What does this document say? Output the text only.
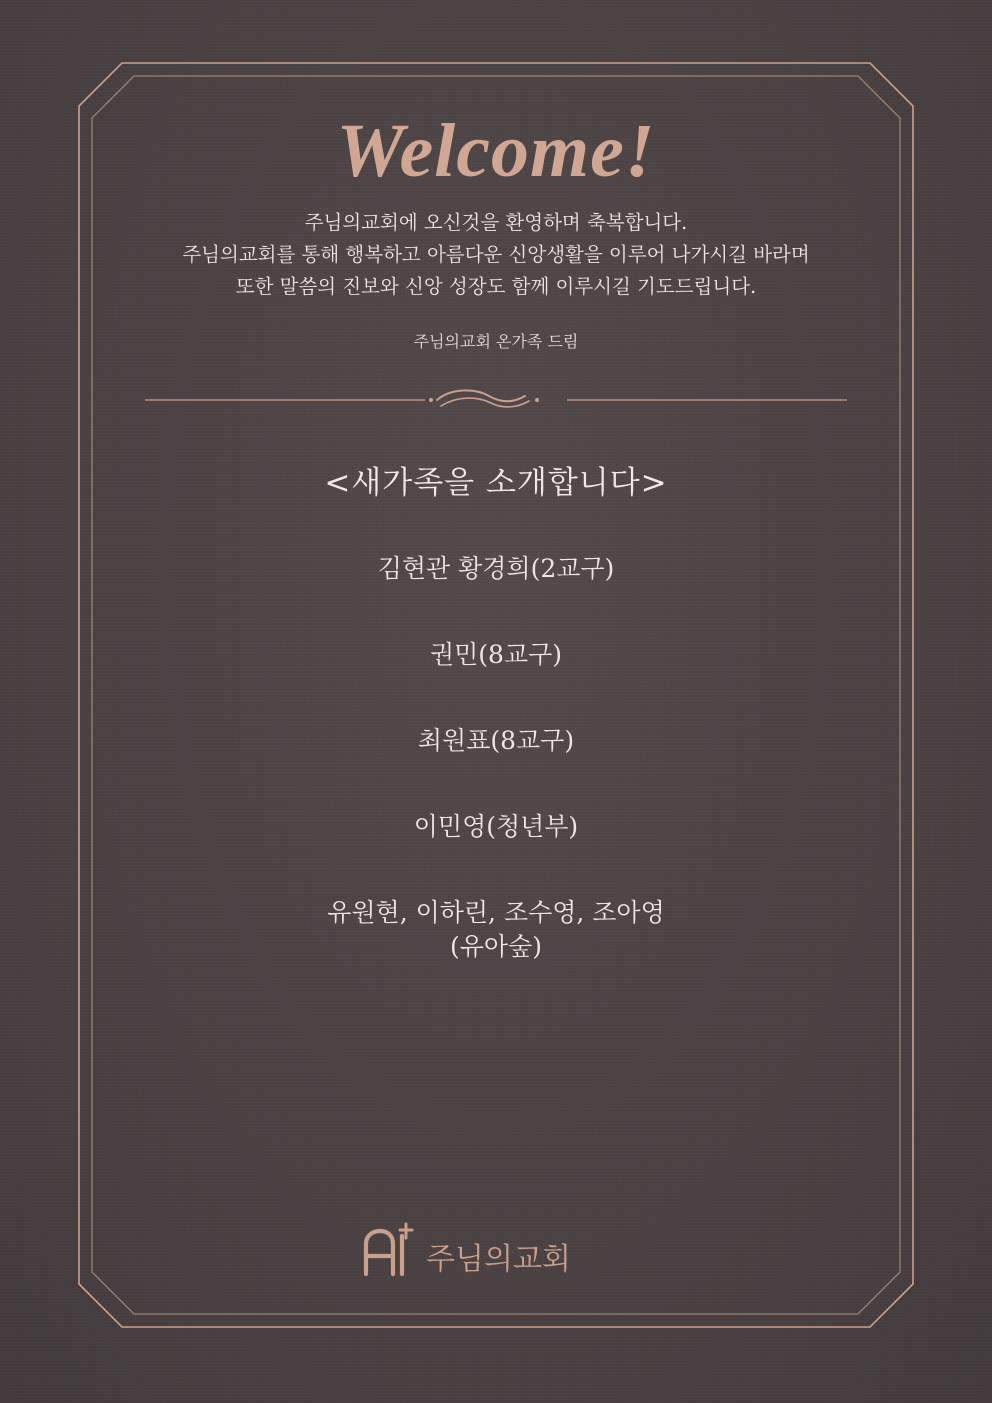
Welcome!
주님의교회에 오신것을 환영하며 축복합니다.
주님의교회를 통해 행복하고 아름다운 신앙생활을 이루어 나가시길 바라며
또한 말씀의 진보와 신앙 성장도 함께 이루시길 기도드립니다.
주님의교회 온가족 드림
<새가족을 소개합니다>
김현관 황경희(2교구)
권민(8교구)
최원표(8교구)
이민영(청년부)
유원현, 이하린, 조수영, 조아영
(유아숲)
주님의교회
